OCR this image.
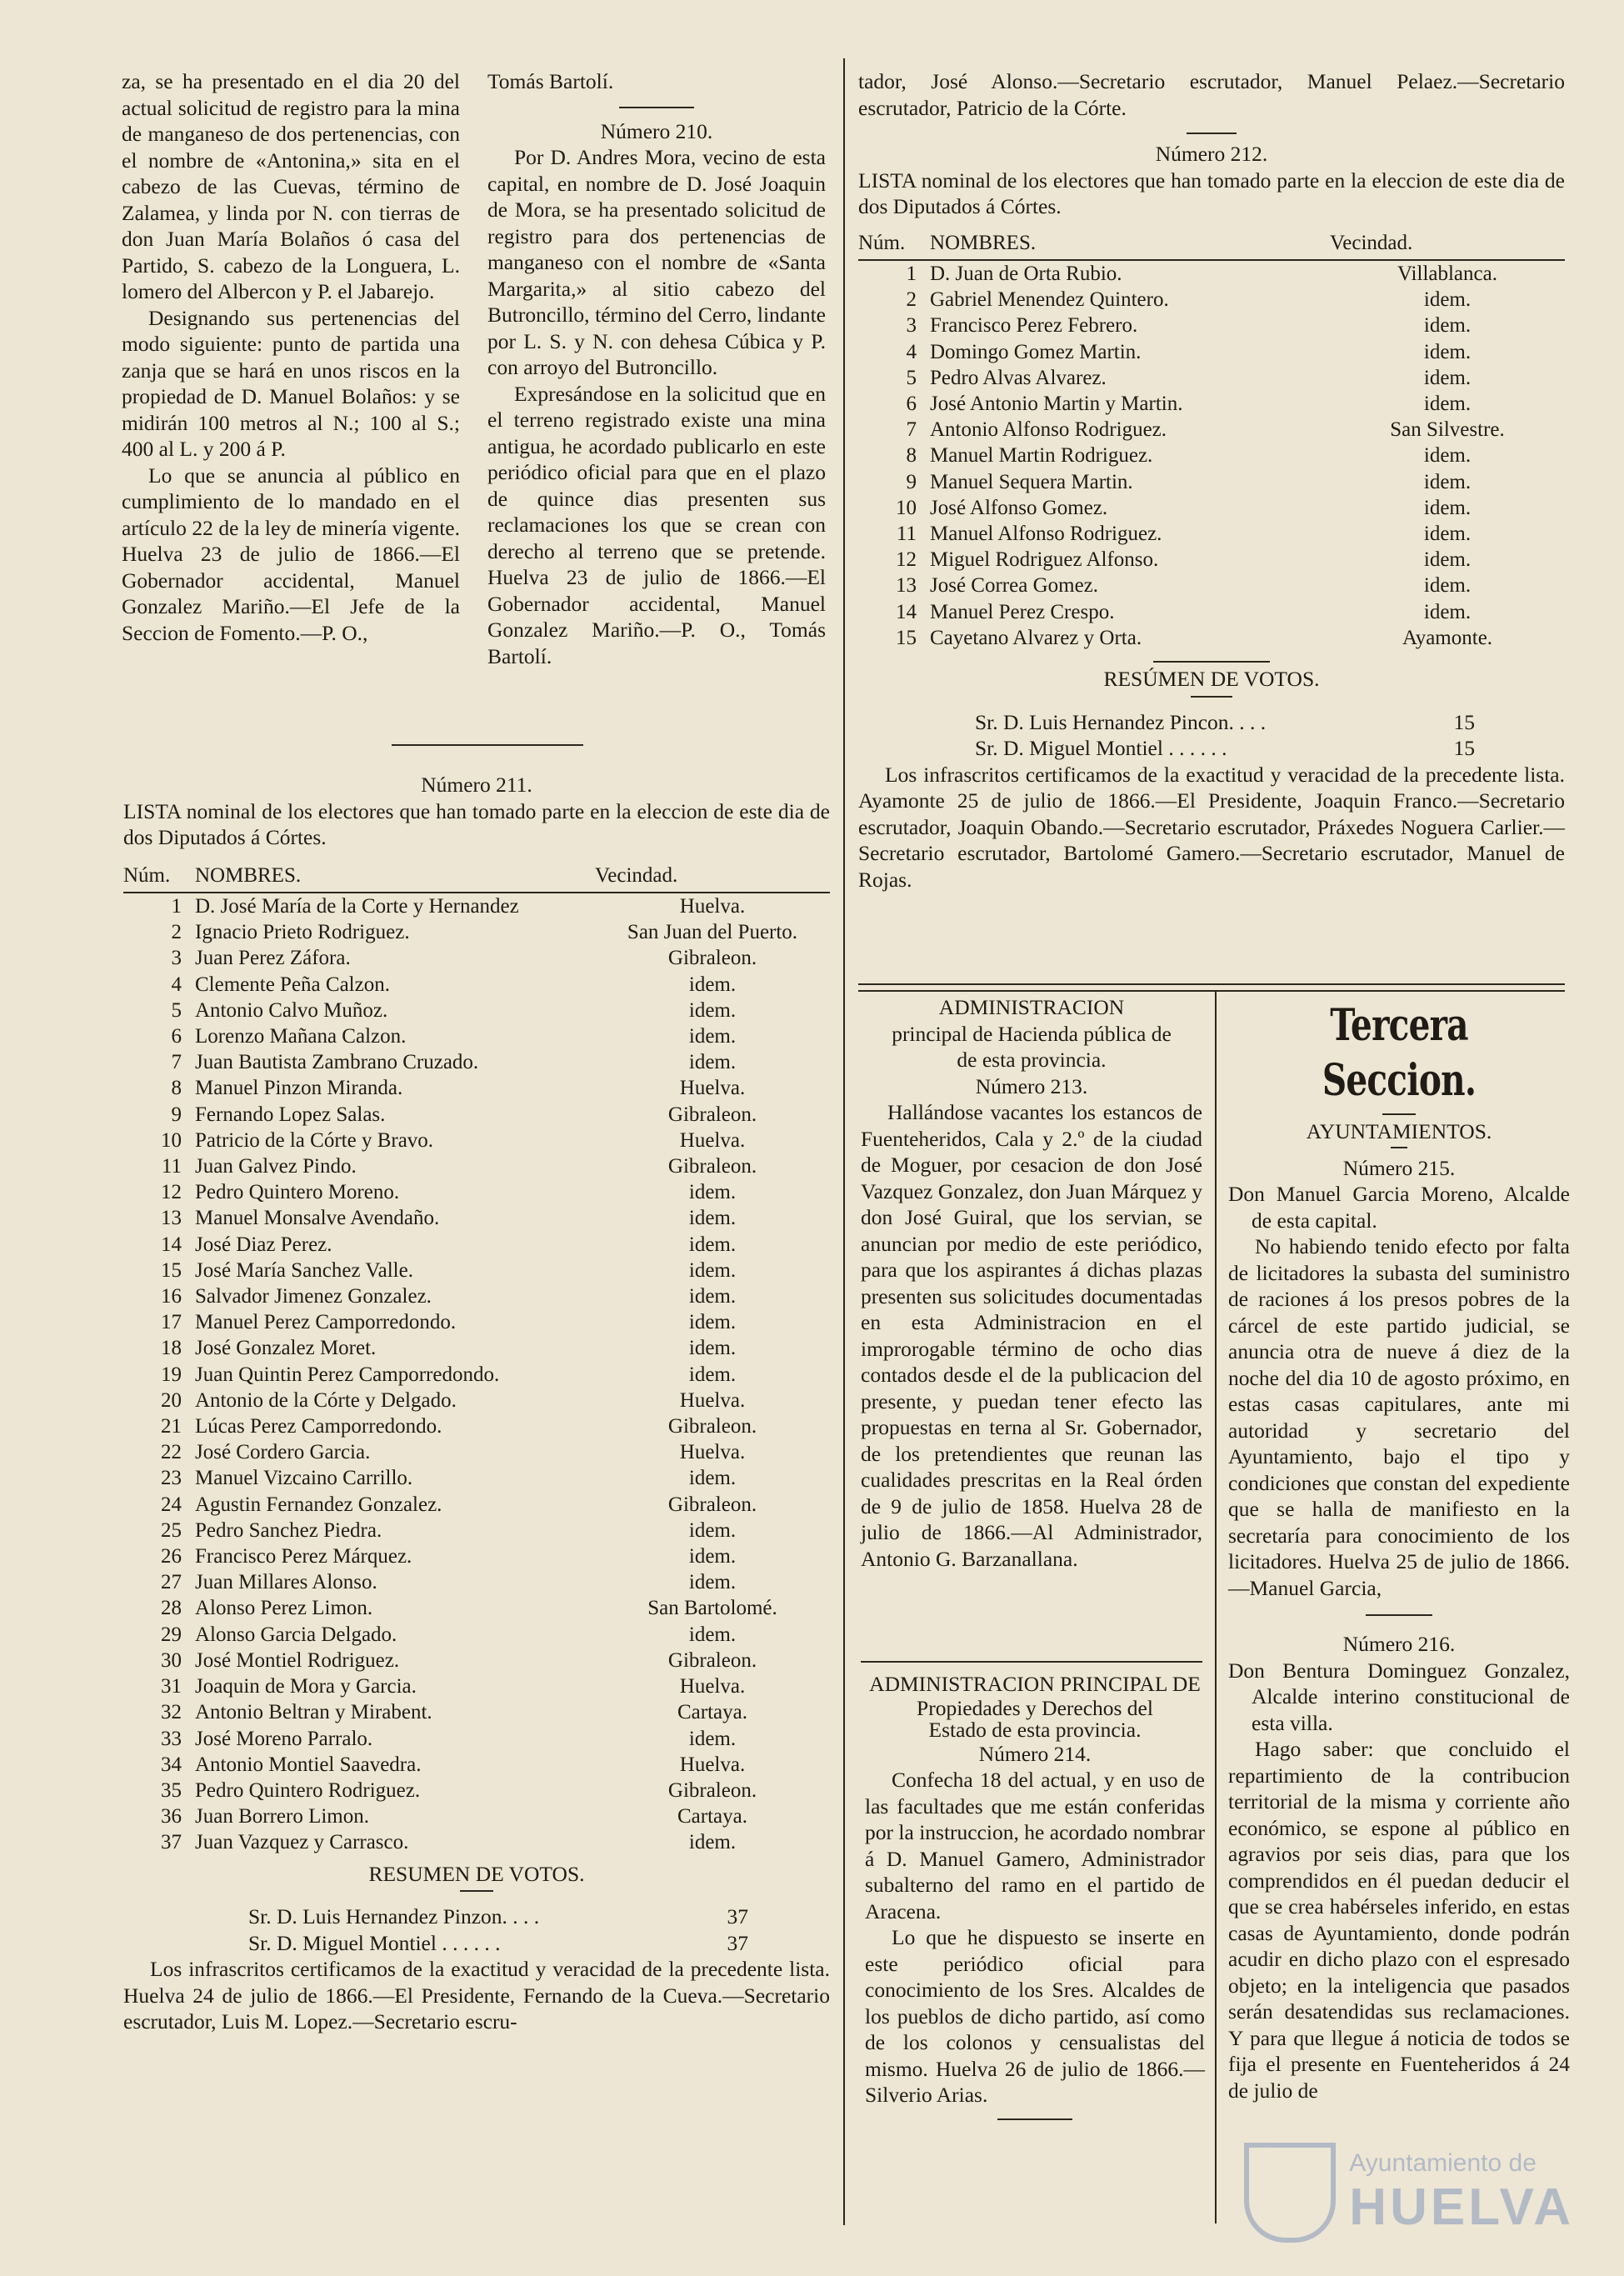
za, se ha presentado en el dia 20 del actual solicitud de registro para la mina de manganeso de dos pertenencias, con el nombre de «Antonina,» sita en el cabezo de las Cuevas, término de Zalamea, y linda por N. con tierras de don Juan María Bolaños ó casa del Partido, S. cabezo de la Longuera, L. lomero del Albercon y P. el Jabarejo.

Designando sus pertenencias del modo siguiente: punto de partida una zanja que se hará en unos riscos en la propiedad de D. Manuel Bolaños: y se midirán 100 metros al N.; 100 al S.; 400 al L. y 200 á P.

Lo que se anuncia al público en cumplimiento de lo mandado en el artículo 22 de la ley de minería vigente. Huelva 23 de julio de 1866.—El Gobernador accidental, Manuel Gonzalez Mariño.—El Jefe de la Seccion de Fomento.—P. O.,

Tomás Bartolí.

Número 210.

Por D. Andres Mora, vecino de esta capital, en nombre de D. José Joaquin de Mora, se ha presentado solicitud de registro para dos pertenencias de manganeso con el nombre de «Santa Margarita,» al sitio cabezo del Butroncillo, término del Cerro, lindante por L. S. y N. con dehesa Cúbica y P. con arroyo del Butroncillo.

Expresándose en la solicitud que en el terreno registrado existe una mina antigua, he acordado publicarlo en este periódico oficial para que en el plazo de quince dias presenten sus reclamaciones los que se crean con derecho al terreno que se pretende. Huelva 23 de julio de 1866.—El Gobernador accidental, Manuel Gonzalez Mariño.—P. O., Tomás Bartolí.

Número 211.

LISTA nominal de los electores que han tomado parte en la eleccion de este dia de dos Diputados á Córtes.

Núm.	NOMBRES.	Vecindad.
1	D. José María de la Corte y Hernandez	Huelva.
2	Ignacio Prieto Rodriguez.	San Juan del Puerto.
3	Juan Perez Záfora.	Gibraleon.
4	Clemente Peña Calzon.	idem.
5	Antonio Calvo Muñoz.	idem.
6	Lorenzo Mañana Calzon.	idem.
7	Juan Bautista Zambrano Cruzado.	idem.
8	Manuel Pinzon Miranda.	Huelva.
9	Fernando Lopez Salas.	Gibraleon.
10	Patricio de la Córte y Bravo.	Huelva.
11	Juan Galvez Pindo.	Gibraleon.
12	Pedro Quintero Moreno.	idem.
13	Manuel Monsalve Avendaño.	idem.
14	José Diaz Perez.	idem.
15	José María Sanchez Valle.	idem.
16	Salvador Jimenez Gonzalez.	idem.
17	Manuel Perez Camporredondo.	idem.
18	José Gonzalez Moret.	idem.
19	Juan Quintin Perez Camporredondo.	idem.
20	Antonio de la Córte y Delgado.	Huelva.
21	Lúcas Perez Camporredondo.	Gibraleon.
22	José Cordero Garcia.	Huelva.
23	Manuel Vizcaino Carrillo.	idem.
24	Agustin Fernandez Gonzalez.	Gibraleon.
25	Pedro Sanchez Piedra.	idem.
26	Francisco Perez Márquez.	idem.
27	Juan Millares Alonso.	idem.
28	Alonso Perez Limon.	San Bartolomé.
29	Alonso Garcia Delgado.	idem.
30	José Montiel Rodriguez.	Gibraleon.
31	Joaquin de Mora y Garcia.	Huelva.
32	Antonio Beltran y Mirabent.	Cartaya.
33	José Moreno Parralo.	idem.
34	Antonio Montiel Saavedra.	Huelva.
35	Pedro Quintero Rodriguez.	Gibraleon.
36	Juan Borrero Limon.	Cartaya.
37	Juan Vazquez y Carrasco.	idem.

RESUMEN DE VOTOS.

Sr. D. Luis Hernandez Pinzon. . . .	37
Sr. D. Miguel Montiel . . . . . .	37

Los infrascritos certificamos de la exactitud y veracidad de la precedente lista. Huelva 24 de julio de 1866.—El Presidente, Fernando de la Cueva.—Secretario escrutador, Luis M. Lopez.—Secretario escru-

tador, José Alonso.—Secretario escrutador, Manuel Pelaez.—Secretario escrutador, Patricio de la Córte.

Número 212.

LISTA nominal de los electores que han tomado parte en la eleccion de este dia de dos Diputados á Córtes.

Núm.	NOMBRES.	Vecindad.
1	D. Juan de Orta Rubio.	Villablanca.
2	Gabriel Menendez Quintero.	idem.
3	Francisco Perez Febrero.	idem.
4	Domingo Gomez Martin.	idem.
5	Pedro Alvas Alvarez.	idem.
6	José Antonio Martin y Martin.	idem.
7	Antonio Alfonso Rodriguez.	San Silvestre.
8	Manuel Martin Rodriguez.	idem.
9	Manuel Sequera Martin.	idem.
10	José Alfonso Gomez.	idem.
11	Manuel Alfonso Rodriguez.	idem.
12	Miguel Rodriguez Alfonso.	idem.
13	José Correa Gomez.	idem.
14	Manuel Perez Crespo.	idem.
15	Cayetano Alvarez y Orta.	Ayamonte.

RESÚMEN DE VOTOS.

Sr. D. Luis Hernandez Pincon. . . .	15
Sr. D. Miguel Montiel . . . . . .	15

Los infrascritos certificamos de la exactitud y veracidad de la precedente lista. Ayamonte 25 de julio de 1866.—El Presidente, Joaquin Franco.—Secretario escrutador, Joaquin Obando.—Secretario escrutador, Práxedes Noguera Carlier.—Secretario escrutador, Bartolomé Gamero.—Secretario escrutador, Manuel de Rojas.

ADMINISTRACION

principal de Hacienda pública de de esta provincia.

Número 213.

Hallándose vacantes los estancos de Fuenteheridos, Cala y 2.º de la ciudad de Moguer, por cesacion de don José Vazquez Gonzalez, don Juan Márquez y don José Guiral, que los servian, se anuncian por medio de este periódico, para que los aspirantes á dichas plazas presenten sus solicitudes documentadas en esta Administracion en el improrogable término de ocho dias contados desde el de la publicacion del presente, y puedan tener efecto las propuestas en terna al Sr. Gobernador, de los pretendientes que reunan las cualidades prescritas en la Real órden de 9 de julio de 1858. Huelva 28 de julio de 1866.—Al Administrador, Antonio G. Barzanallana.

ADMINISTRACION PRINCIPAL DE

Propiedades y Derechos del Estado de esta provincia.

Número 214.

Confecha 18 del actual, y en uso de las facultades que me están conferidas por la instruccion, he acordado nombrar á D. Manuel Gamero, Administrador subalterno del ramo en el partido de Aracena.

Lo que he dispuesto se inserte en este periódico oficial para conocimiento de los Sres. Alcaldes de los pueblos de dicho partido, así como de los colonos y censualistas del mismo. Huelva 26 de julio de 1866.—Silverio Arias.

Tercera Seccion.

AYUNTAMIENTOS.

Número 215.

Don Manuel Garcia Moreno, Alcalde de esta capital.

No habiendo tenido efecto por falta de licitadores la subasta del suministro de raciones á los presos pobres de la cárcel de este partido judicial, se anuncia otra de nueve á diez de la noche del dia 10 de agosto próximo, en estas casas capitulares, ante mi autoridad y secretario del Ayuntamiento, bajo el tipo y condiciones que constan del expediente que se halla de manifiesto en la secretaría para conocimiento de los licitadores. Huelva 25 de julio de 1866.—Manuel Garcia,

Número 216.

Don Bentura Dominguez Gonzalez, Alcalde interino constitucional de esta villa.

Hago saber: que concluido el repartimiento de la contribucion territorial de la misma y corriente año económico, se espone al público en agravios por seis dias, para que los comprendidos en él puedan deducir el que se crea habérseles inferido, en estas casas de Ayuntamiento, donde podrán acudir en dicho plazo con el espresado objeto; en la inteligencia que pasados serán desatendidas sus reclamaciones. Y para que llegue á noticia de todos se fija el presente en Fuenteheridos á 24 de julio de

Ayuntamiento de
HUELVA
